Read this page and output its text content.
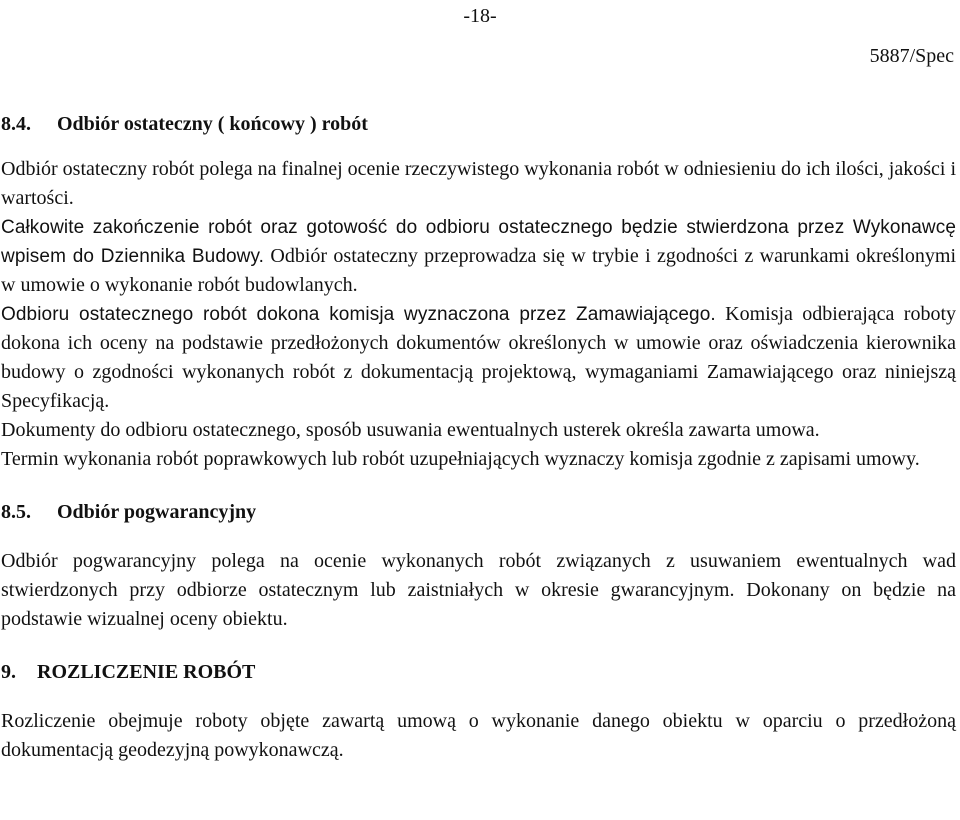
-18-
5887/Spec
8.4. Odbiór ostateczny ( końcowy ) robót

Odbiór ostateczny robót polega na finalnej ocenie rzeczywistego wykonania robót w odniesieniu do ich ilości, jakości i wartości.

Całkowite zakończenie robót oraz gotowość do odbioru ostatecznego będzie stwierdzona przez Wykonawcę wpisem do Dziennika Budowy. Odbiór ostateczny przeprowadza się w trybie i zgodności z warunkami określonymi w umowie o wykonanie robót budowlanych.

Odbioru ostatecznego robót dokona komisja wyznaczona przez Zamawiającego. Komisja odbierająca roboty dokona ich oceny na podstawie przedłożonych dokumentów określonych w umowie oraz oświadczenia kierownika budowy o zgodności wykonanych robót z dokumentacją projektową, wymaganiami Zamawiającego oraz niniejszą Specyfikacją.

Dokumenty do odbioru ostatecznego, sposób usuwania ewentualnych usterek określa zawarta umowa.

Termin wykonania robót poprawkowych lub robót uzupełniających wyznaczy komisja zgodnie z zapisami umowy.

8.5. Odbiór pogwarancyjny

Odbiór pogwarancyjny polega na ocenie wykonanych robót związanych z usuwaniem ewentualnych wad stwierdzonych przy odbiorze ostatecznym lub zaistniałych w okresie gwarancyjnym. Dokonany on będzie na podstawie wizualnej oceny obiektu.

9. ROZLICZENIE ROBÓT

Rozliczenie obejmuje roboty objęte zawartą umową o wykonanie danego obiektu w oparciu o przedłożoną dokumentacją geodezyjną powykonawczą.
